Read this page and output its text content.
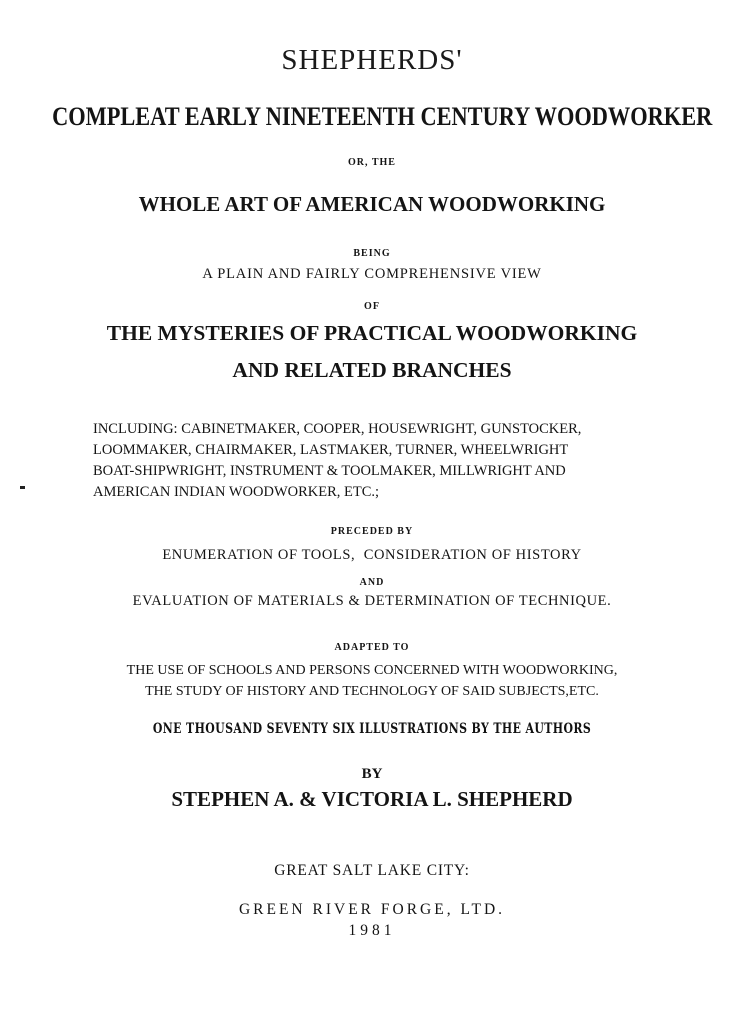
SHEPHERDS'
COMPLEAT EARLY NINETEENTH CENTURY WOODWORKER
OR, THE
WHOLE ART OF AMERICAN WOODWORKING
BEING
A PLAIN AND FAIRLY COMPREHENSIVE VIEW
OF
THE MYSTERIES OF PRACTICAL WOODWORKING
AND RELATED BRANCHES
INCLUDING: CABINETMAKER, COOPER, HOUSEWRIGHT, GUNSTOCKER,
LOOMMAKER, CHAIRMAKER, LASTMAKER, TURNER, WHEELWRIGHT
BOAT-SHIPWRIGHT, INSTRUMENT & TOOLMAKER, MILLWRIGHT AND
AMERICAN INDIAN WOODWORKER, ETC.;
PRECEDED BY
ENUMERATION OF TOOLS,  CONSIDERATION OF HISTORY
AND
EVALUATION OF MATERIALS & DETERMINATION OF TECHNIQUE.
ADAPTED TO
THE USE OF SCHOOLS AND PERSONS CONCERNED WITH WOODWORKING,
THE STUDY OF HISTORY AND TECHNOLOGY OF SAID SUBJECTS,ETC.
ONE THOUSAND SEVENTY SIX ILLUSTRATIONS BY THE AUTHORS
BY
STEPHEN A. & VICTORIA L. SHEPHERD
GREAT SALT LAKE CITY:
GREEN RIVER FORGE, LTD.
1981
